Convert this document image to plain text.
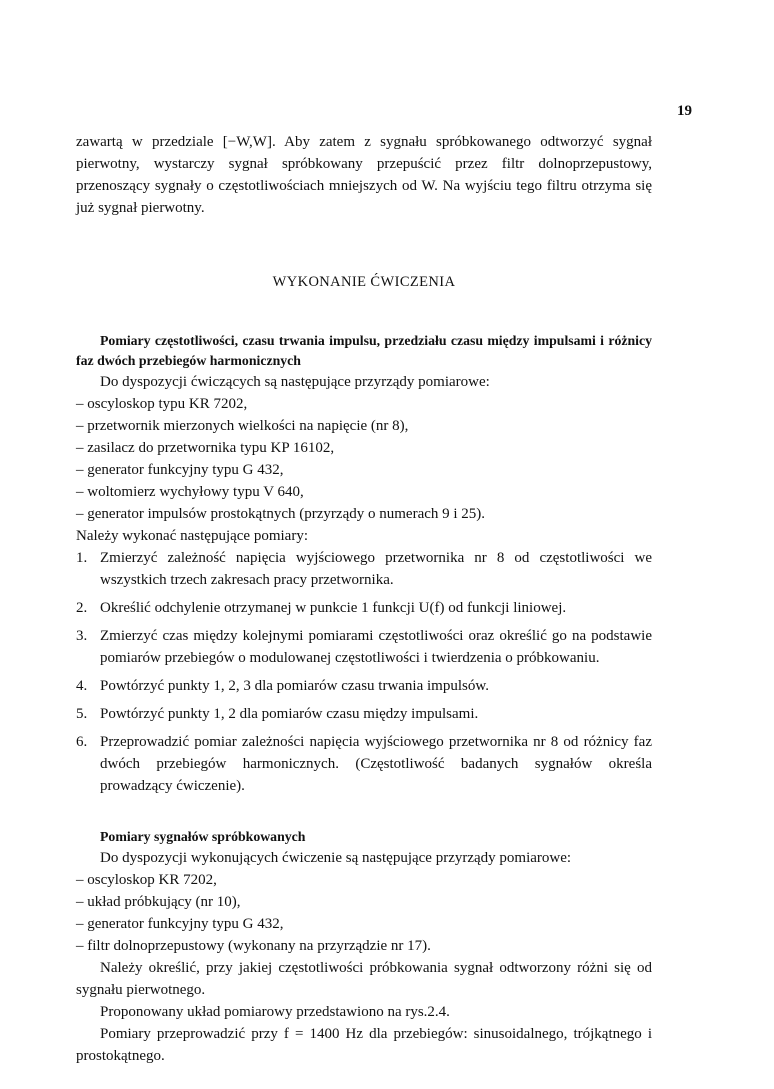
19

zawartą w przedziale [−W,W]. Aby zatem z sygnału spróbkowanego odtworzyć sygnał pierwotny, wystarczy sygnał spróbkowany przepuścić przez filtr dolnoprzepustowy, przenoszący sygnały o częstotliwościach mniejszych od W. Na wyjściu tego filtru otrzyma się już sygnał pierwotny.

WYKONANIE ĆWICZENIA

Pomiary częstotliwości, czasu trwania impulsu, przedziału czasu między impulsami i różnicy faz dwóch przebiegów harmonicznych

Do dyspozycji ćwiczących są następujące przyrządy pomiarowe:

– oscyloskop typu KR 7202,
– przetwornik mierzonych wielkości na napięcie (nr 8),
– zasilacz do przetwornika typu KP 16102,
– generator funkcyjny typu G 432,
– woltomierz wychyłowy typu V 640,
– generator impulsów prostokątnych (przyrządy o numerach 9 i 25).

Należy wykonać następujące pomiary:

1. Zmierzyć zależność napięcia wyjściowego przetwornika nr 8 od częstotliwości we wszystkich trzech zakresach pracy przetwornika.
2. Określić odchylenie otrzymanej w punkcie 1 funkcji U(f) od funkcji liniowej.
3. Zmierzyć czas między kolejnymi pomiarami częstotliwości oraz określić go na podstawie pomiarów przebiegów o modulowanej częstotliwości i twierdzenia o próbkowaniu.
4. Powtórzyć punkty 1, 2, 3 dla pomiarów czasu trwania impulsów.
5. Powtórzyć punkty 1, 2 dla pomiarów czasu między impulsami.
6. Przeprowadzić pomiar zależności napięcia wyjściowego przetwornika nr 8 od różnicy faz dwóch przebiegów harmonicznych. (Częstotliwość badanych sygnałów określa prowadzący ćwiczenie).

Pomiary sygnałów spróbkowanych

Do dyspozycji wykonujących ćwiczenie są następujące przyrządy pomiarowe:

– oscyloskop KR 7202,
– układ próbkujący (nr 10),
– generator funkcyjny typu G 432,
– filtr dolnoprzepustowy (wykonany na przyrządzie nr 17).

Należy określić, przy jakiej częstotliwości próbkowania sygnał odtworzony różni się od sygnału pierwotnego.

Proponowany układ pomiarowy przedstawiono na rys.2.4.

Pomiary przeprowadzić przy f = 1400 Hz dla przebiegów: sinusoidalnego, trójkątnego i prostokątnego.
